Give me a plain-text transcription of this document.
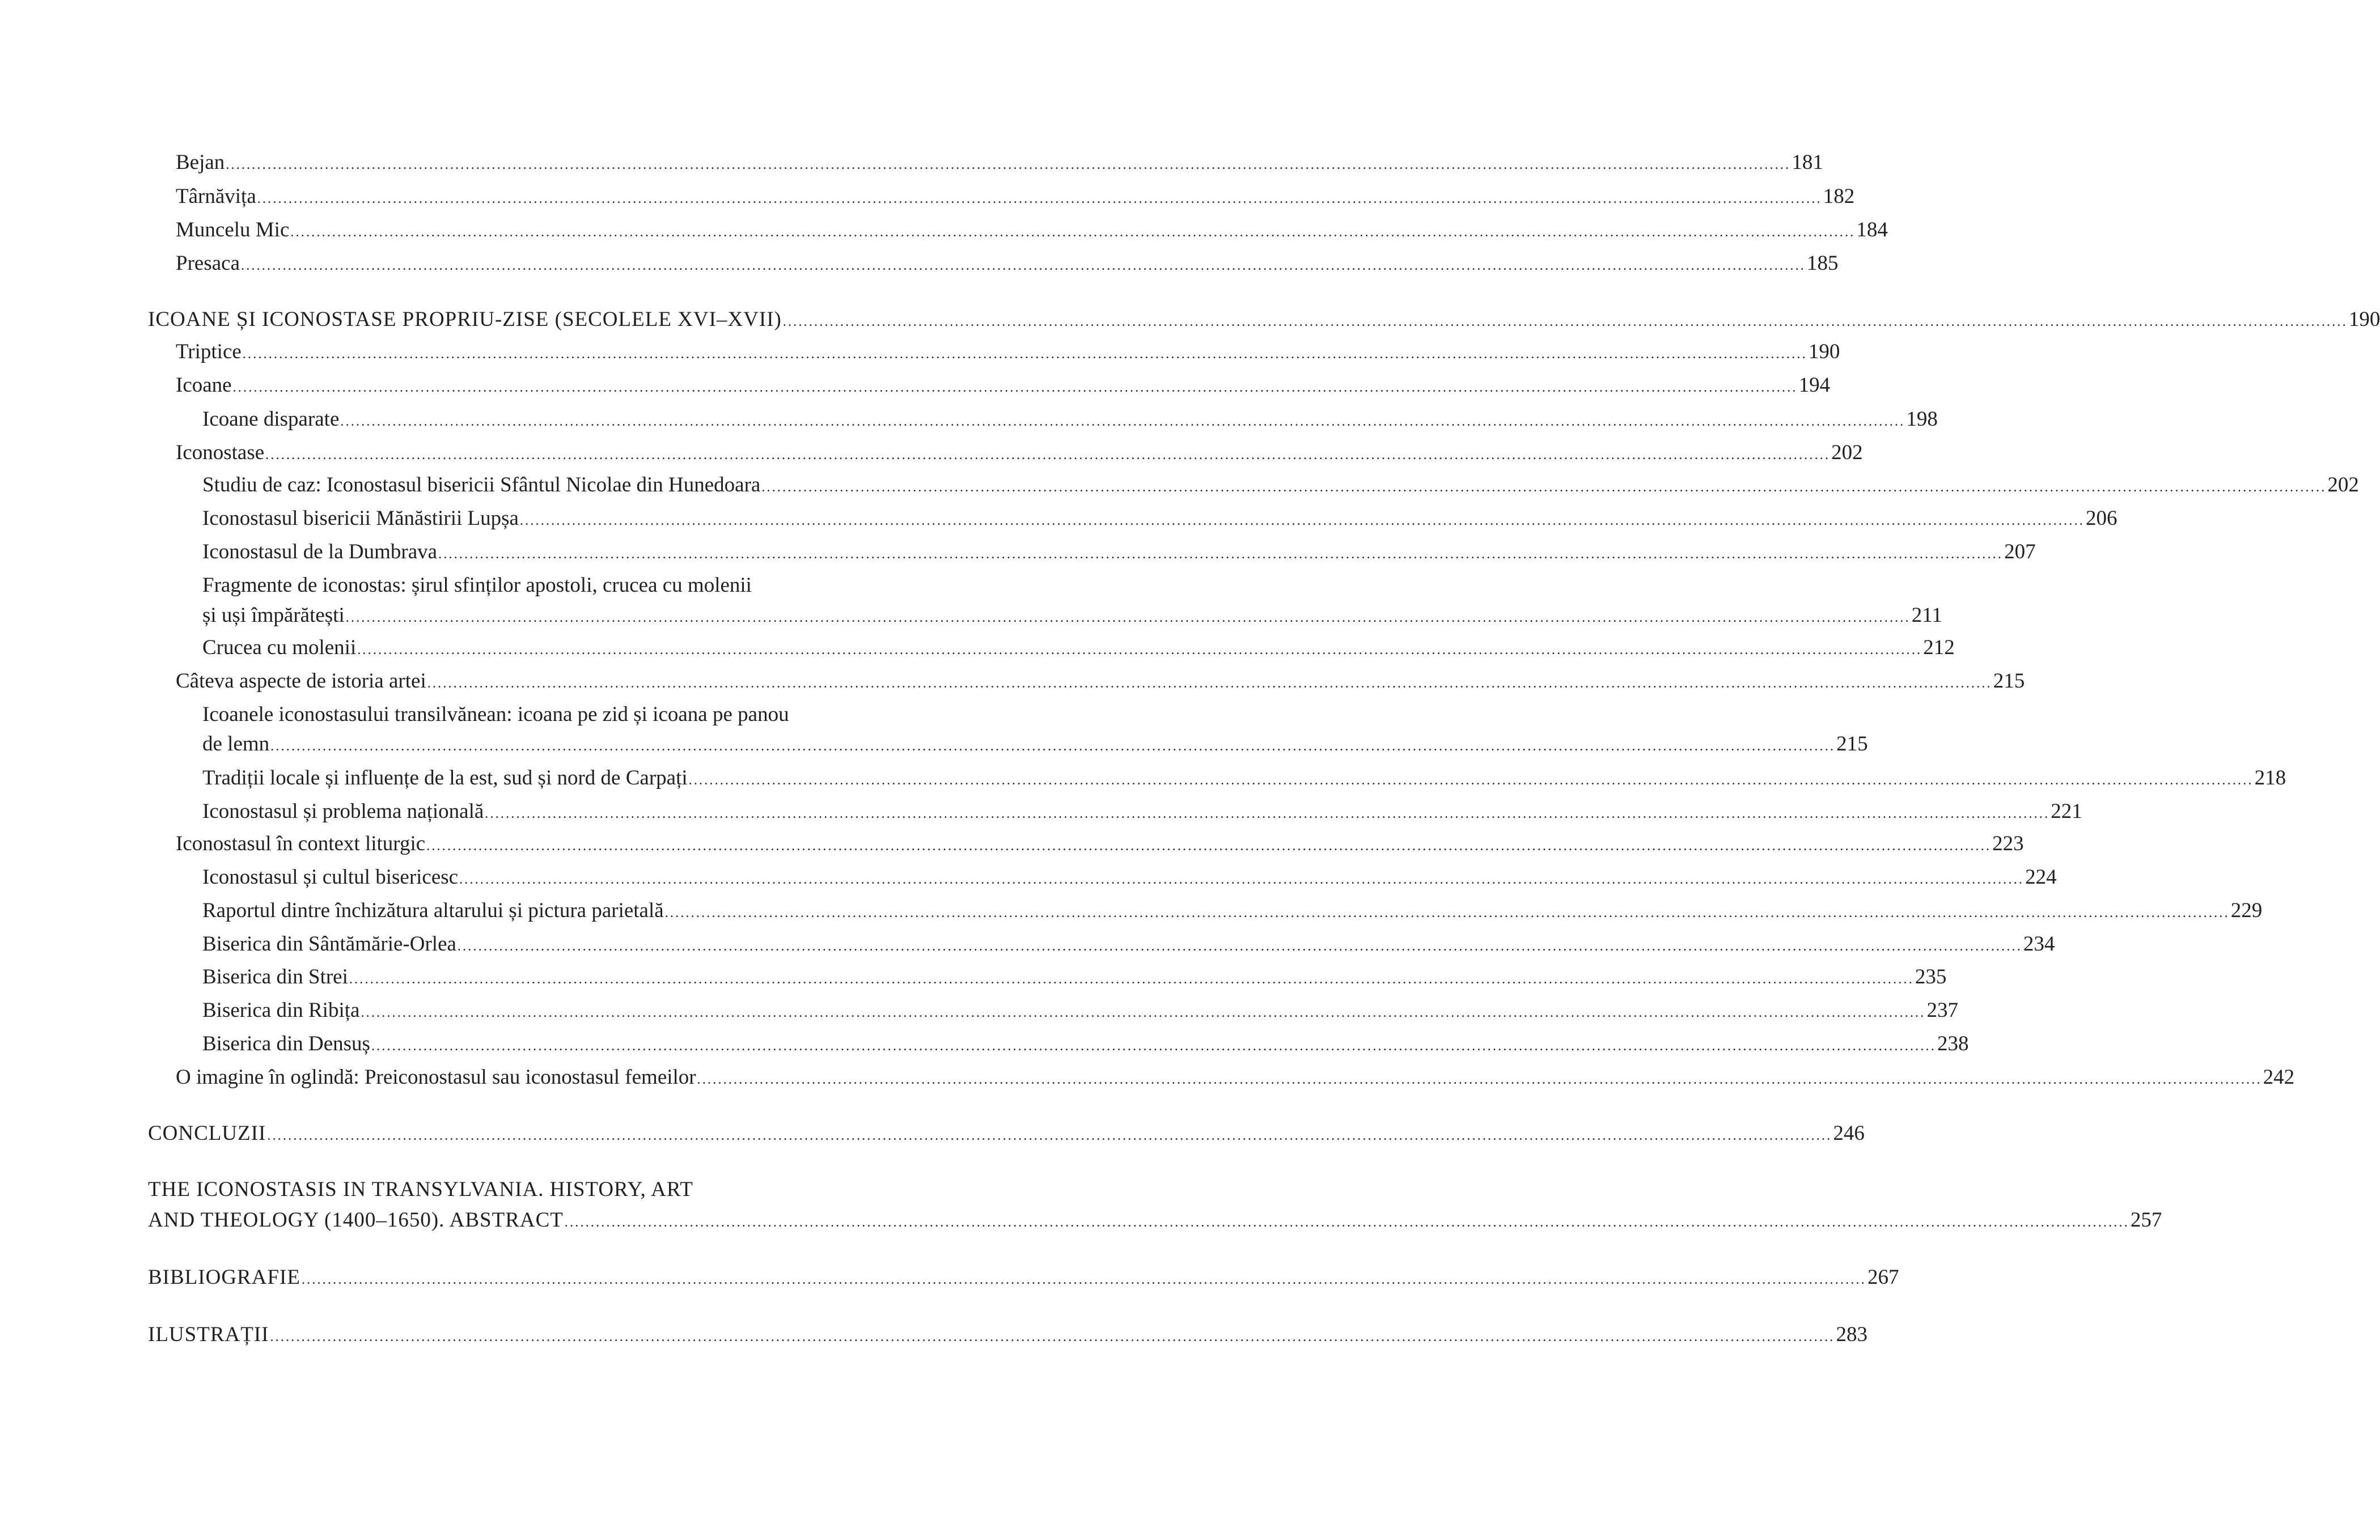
Bejan ............................................................................................................................................................................................................................................................................................................ 181
Târnăvița ............................................................................................................................................................................................................................................................................................................ 182
Muncelu Mic ............................................................................................................................................................................................................................................................................................................ 184
Presaca ............................................................................................................................................................................................................................................................................................................ 185
ICOANE ȘI ICONOSTASE PROPRIU-ZISE (SECOLELE XVI–XVII) ............................................................................................................................................................................................................................................................................................................ 190
Triptice ............................................................................................................................................................................................................................................................................................................ 190
Icoane ............................................................................................................................................................................................................................................................................................................ 194
Icoane disparate ............................................................................................................................................................................................................................................................................................................ 198
Iconostase ............................................................................................................................................................................................................................................................................................................ 202
Studiu de caz: Iconostasul bisericii Sfântul Nicolae din Hunedoara ............................................................................................................................................................................................................................................................................................................ 202
Iconostasul bisericii Mănăstirii Lupșa ............................................................................................................................................................................................................................................................................................................ 206
Iconostasul de la Dumbrava ............................................................................................................................................................................................................................................................................................................ 207
Fragmente de iconostas: șirul sfinților apostoli, crucea cu molenii
și uși împărătești ............................................................................................................................................................................................................................................................................................................ 211
Crucea cu molenii ............................................................................................................................................................................................................................................................................................................ 212
Câteva aspecte de istoria artei ............................................................................................................................................................................................................................................................................................................ 215
Icoanele iconostasului transilvănean: icoana pe zid și icoana pe panou
de lemn ............................................................................................................................................................................................................................................................................................................ 215
Tradiții locale și influențe de la est, sud și nord de Carpați ............................................................................................................................................................................................................................................................................................................ 218
Iconostasul și problema națională ............................................................................................................................................................................................................................................................................................................ 221
Iconostasul în context liturgic ............................................................................................................................................................................................................................................................................................................ 223
Iconostasul și cultul bisericesc ............................................................................................................................................................................................................................................................................................................ 224
Raportul dintre închizătura altarului și pictura parietală ............................................................................................................................................................................................................................................................................................................ 229
Biserica din Sântămărie-Orlea ............................................................................................................................................................................................................................................................................................................ 234
Biserica din Strei ............................................................................................................................................................................................................................................................................................................ 235
Biserica din Ribița ............................................................................................................................................................................................................................................................................................................ 237
Biserica din Densuș ............................................................................................................................................................................................................................................................................................................ 238
O imagine în oglindă: Preiconostasul sau iconostasul femeilor ............................................................................................................................................................................................................................................................................................................ 242
CONCLUZII ............................................................................................................................................................................................................................................................................................................ 246
THE ICONOSTASIS IN TRANSYLVANIA. HISTORY, ART
AND THEOLOGY (1400–1650). ABSTRACT ............................................................................................................................................................................................................................................................................................................ 257
BIBLIOGRAFIE ............................................................................................................................................................................................................................................................................................................ 267
ILUSTRAȚII ............................................................................................................................................................................................................................................................................................................ 283
